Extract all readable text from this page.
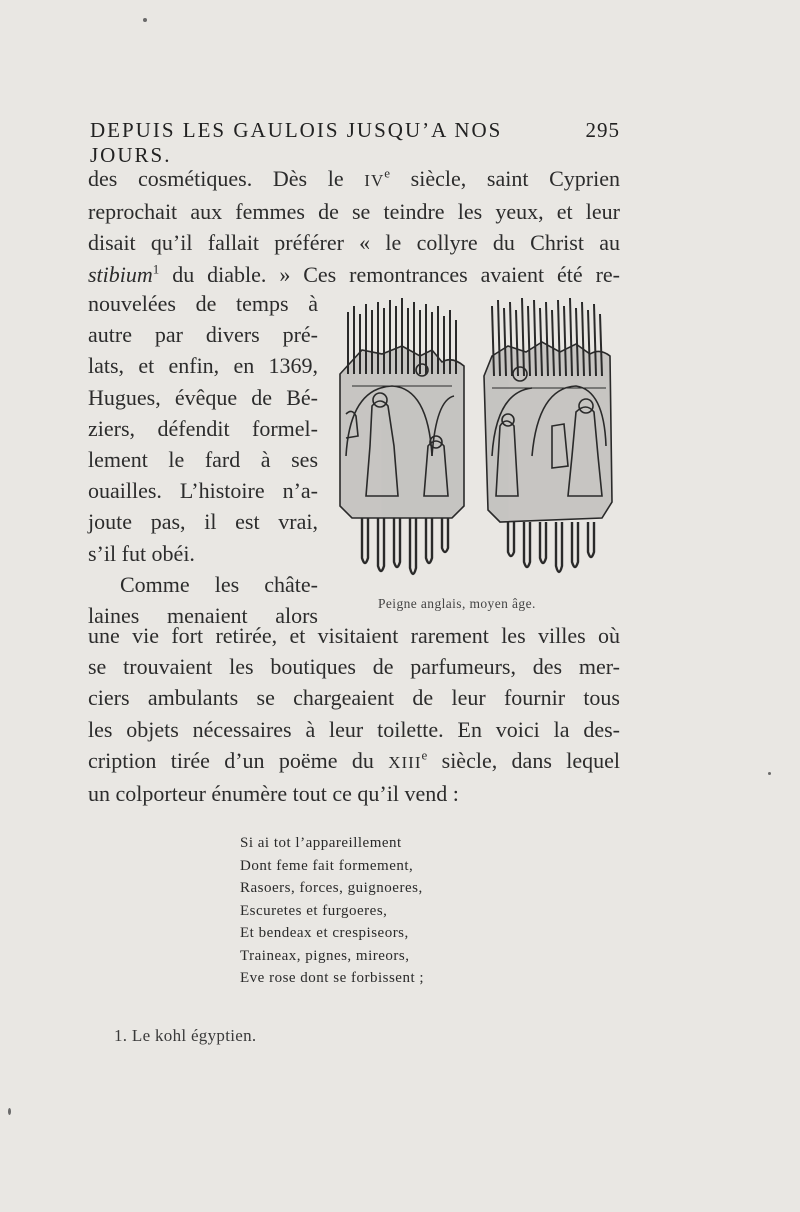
DEPUIS LES GAULOIS JUSQU’A NOS JOURS.
295
des cosmétiques. Dès le IVe siècle, saint Cyprien
reprochait aux femmes de se teindre les yeux, et leur
disait qu’il fallait préférer « le collyre du Christ au
stibium$^1$ du diable. » Ces remontrances avaient été re-
nouvelées de temps à
autre par divers pré-
lats, et enfin, en 1369,
Hugues, évêque de Bé-
ziers, défendit formel-
lement le fard à ses
ouailles. L’histoire n’a-
joute pas, il est vrai,
s’il fut obéi.
Comme les châte-
laines menaient alors	Peigne anglais, moyen âge.
une vie fort retirée, et visitaient rarement les villes où
se trouvaient les boutiques de parfumeurs, des mer-
ciers ambulants se chargeaient de leur fournir tous
les objets nécessaires à leur toilette. En voici la des-
cription tirée d’un poëme du XIIIe siècle, dans lequel
un colporteur énumère tout ce qu’il vend :
Si ai tot l’appareillement
Dont feme fait formement,
Rasoers, forces, guignoeres,
Escuretes et furgoeres,
Et bendeax et crespiseors,
Traineax, pignes, mireors,
Eve rose dont se forbissent ;
1. Le kohl égyptien.
